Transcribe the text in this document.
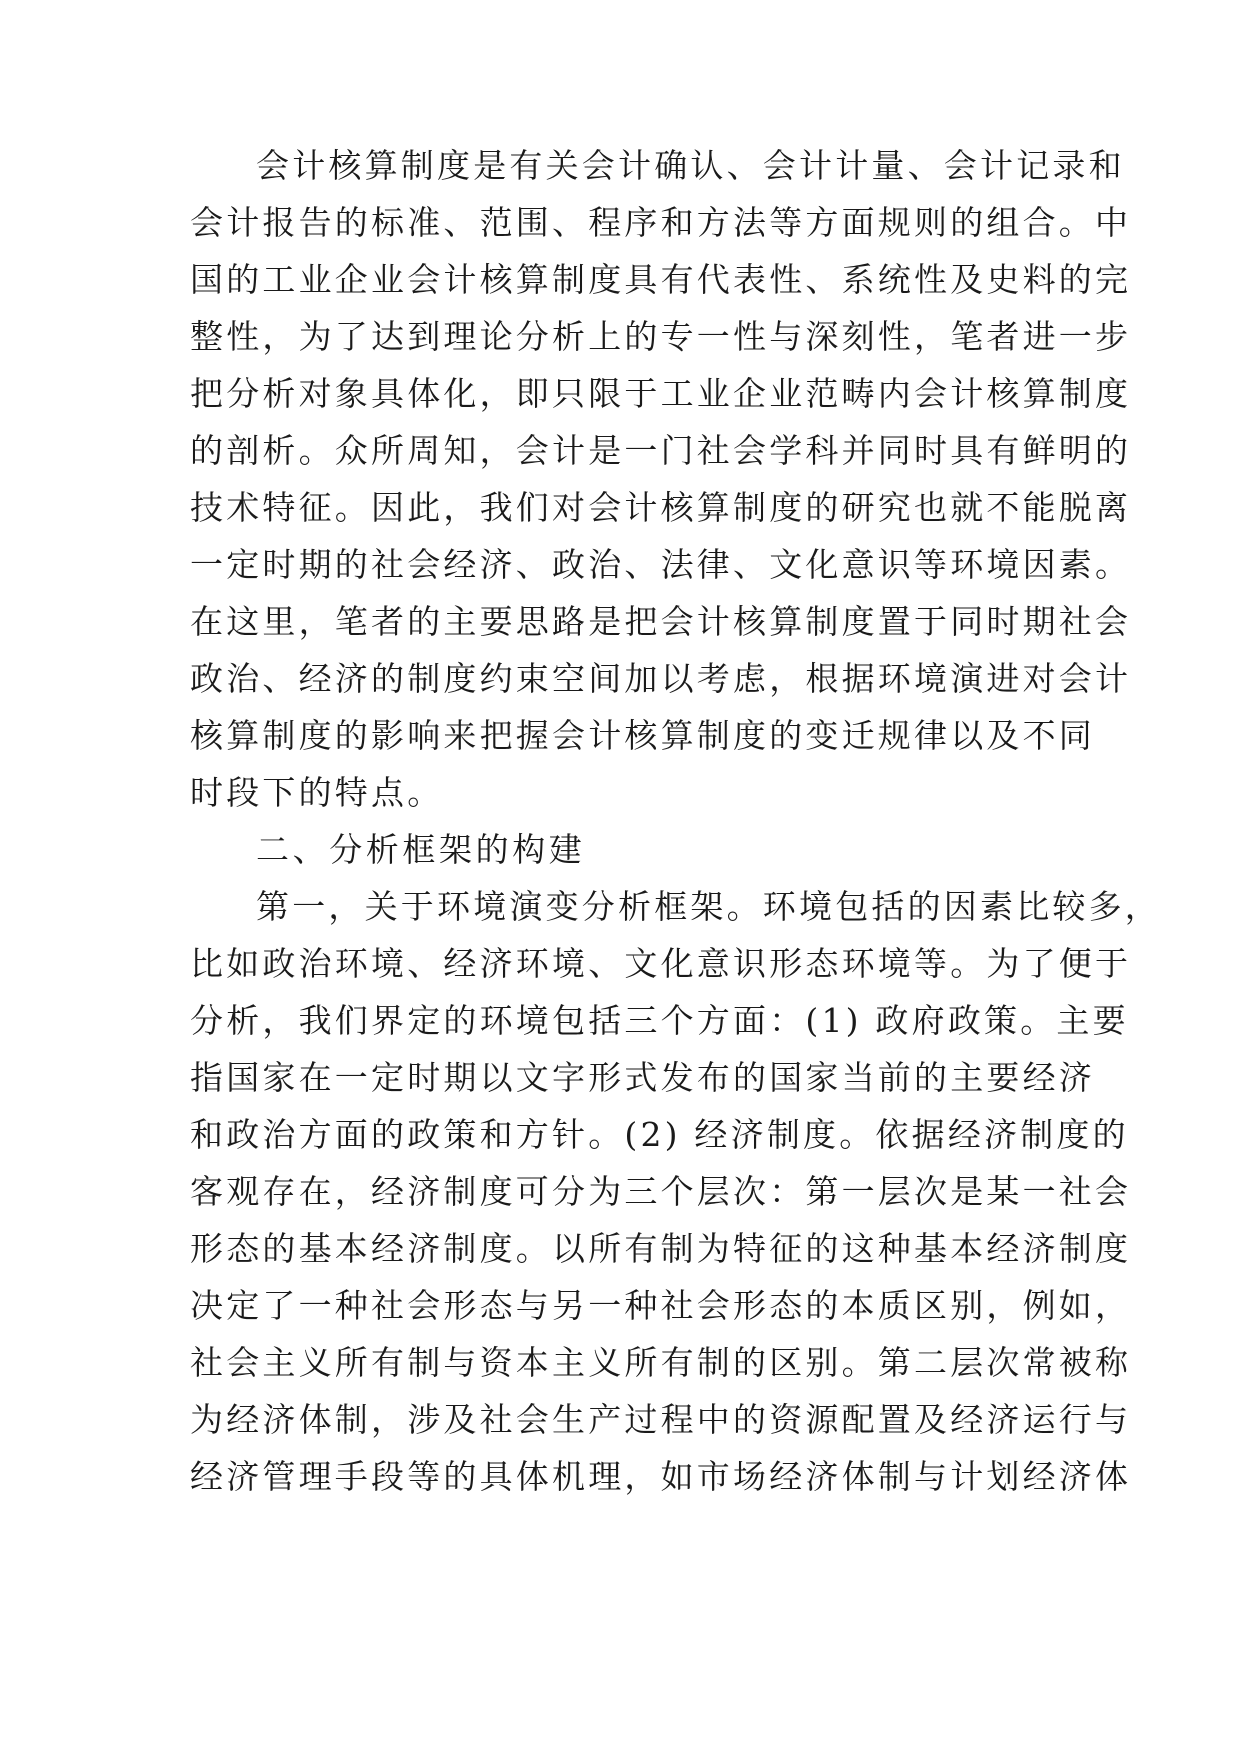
会计核算制度是有关会计确认、会计计量、会计记录和
会计报告的标准、范围、程序和方法等方面规则的组合。中
国的工业企业会计核算制度具有代表性、系统性及史料的完
整性，为了达到理论分析上的专一性与深刻性，笔者进一步
把分析对象具体化，即只限于工业企业范畴内会计核算制度
的剖析。众所周知，会计是一门社会学科并同时具有鲜明的
技术特征。因此，我们对会计核算制度的研究也就不能脱离
一定时期的社会经济、政治、法律、文化意识等环境因素。
在这里，笔者的主要思路是把会计核算制度置于同时期社会
政治、经济的制度约束空间加以考虑，根据环境演进对会计
核算制度的影响来把握会计核算制度的变迁规律以及不同
时段下的特点。
二、分析框架的构建
第一，关于环境演变分析框架。环境包括的因素比较多，
比如政治环境、经济环境、文化意识形态环境等。为了便于
分析，我们界定的环境包括三个方面：(1) 政府政策。主要
指国家在一定时期以文字形式发布的国家当前的主要经济
和政治方面的政策和方针。(2) 经济制度。依据经济制度的
客观存在，经济制度可分为三个层次：第一层次是某一社会
形态的基本经济制度。以所有制为特征的这种基本经济制度
决定了一种社会形态与另一种社会形态的本质区别，例如，
社会主义所有制与资本主义所有制的区别。第二层次常被称
为经济体制，涉及社会生产过程中的资源配置及经济运行与
经济管理手段等的具体机理，如市场经济体制与计划经济体
